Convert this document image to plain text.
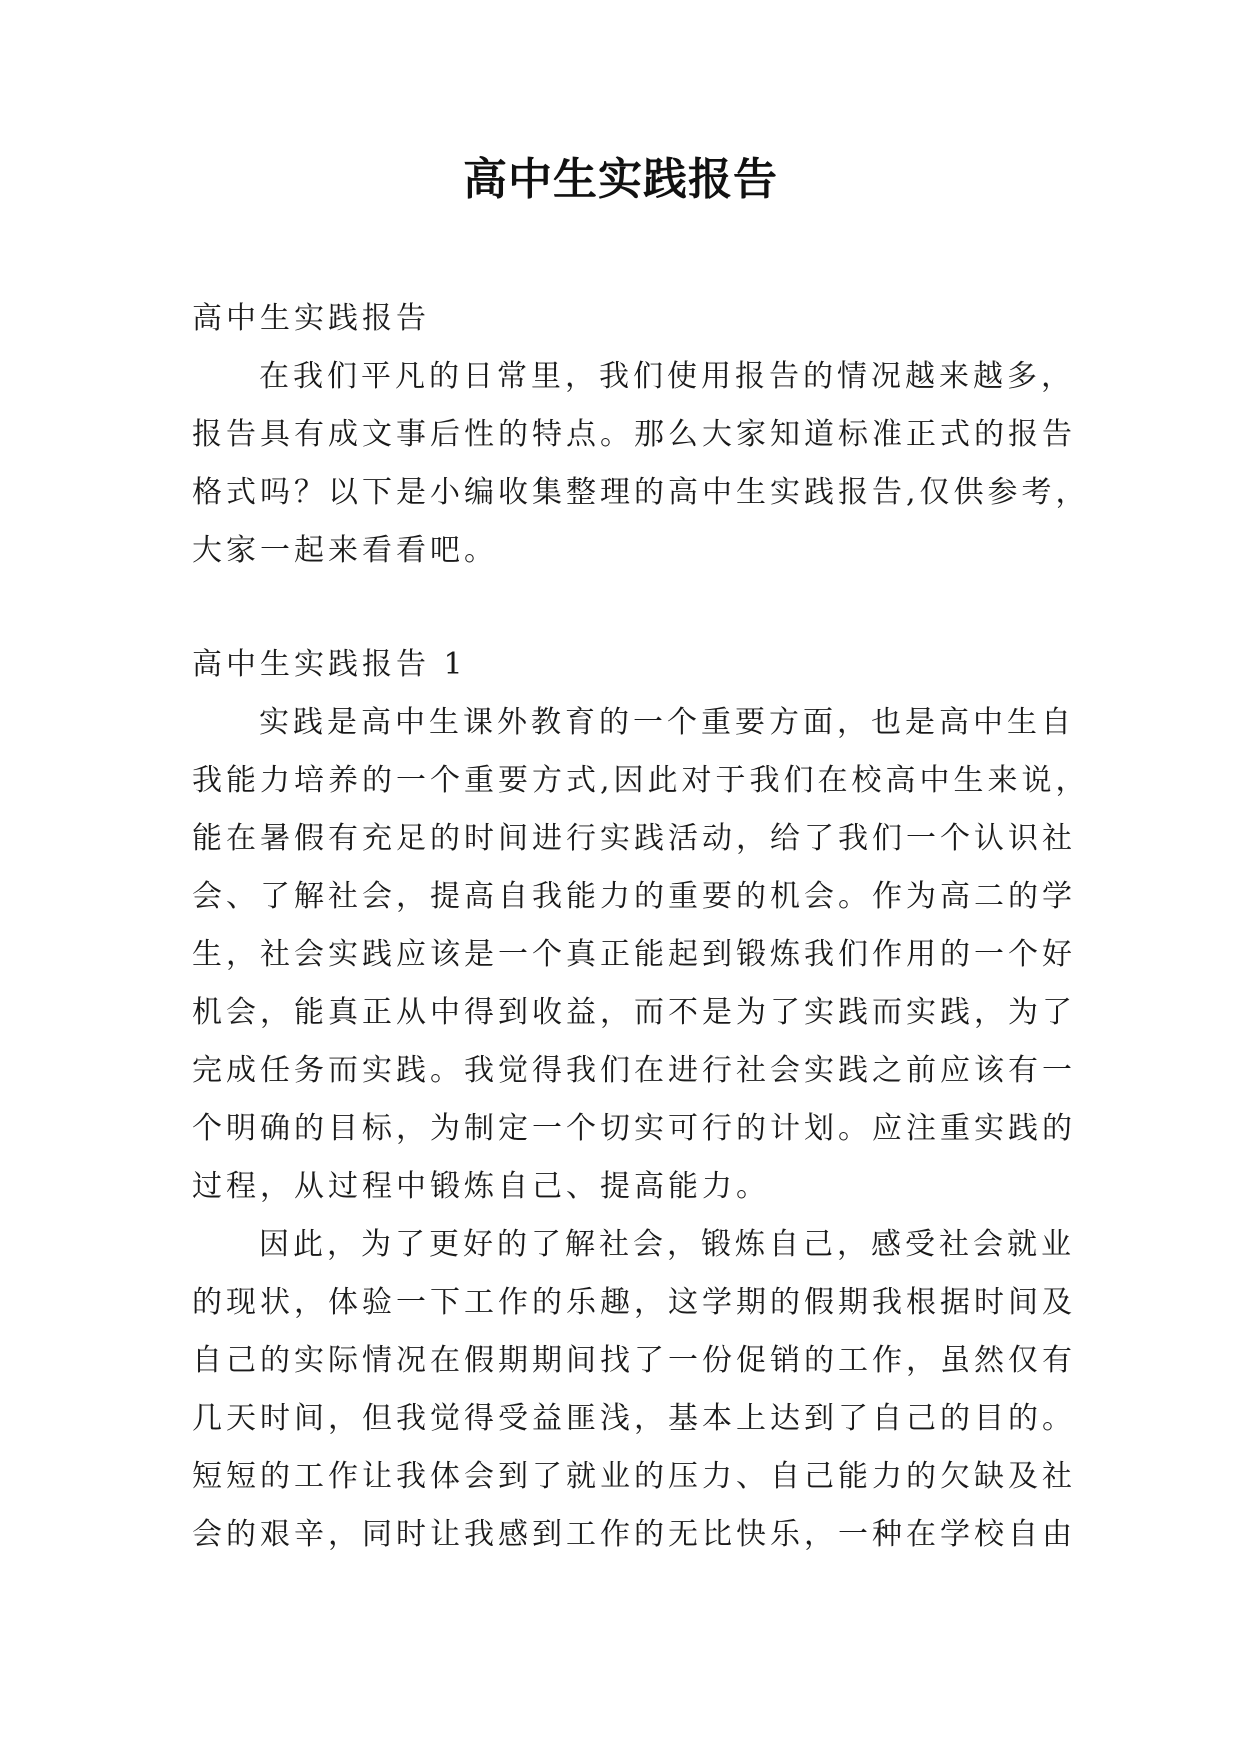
高中生实践报告
高中生实践报告
在我们平凡的日常里，我们使用报告的情况越来越多，
报告具有成文事后性的特点。那么大家知道标准正式的报告
格式吗？以下是小编收集整理的高中生实践报告,仅供参考，
大家一起来看看吧。
高中生实践报告 1
实践是高中生课外教育的一个重要方面，也是高中生自
我能力培养的一个重要方式,因此对于我们在校高中生来说，
能在暑假有充足的时间进行实践活动，给了我们一个认识社
会、了解社会，提高自我能力的重要的机会。作为高二的学
生，社会实践应该是一个真正能起到锻炼我们作用的一个好
机会，能真正从中得到收益，而不是为了实践而实践，为了
完成任务而实践。我觉得我们在进行社会实践之前应该有一
个明确的目标，为制定一个切实可行的计划。应注重实践的
过程，从过程中锻炼自己、提高能力。
因此，为了更好的了解社会，锻炼自己，感受社会就业
的现状，体验一下工作的乐趣，这学期的假期我根据时间及
自己的实际情况在假期期间找了一份促销的工作，虽然仅有
几天时间，但我觉得受益匪浅，基本上达到了自己的目的。
短短的工作让我体会到了就业的压力、自己能力的欠缺及社
会的艰辛，同时让我感到工作的无比快乐，一种在学校自由
